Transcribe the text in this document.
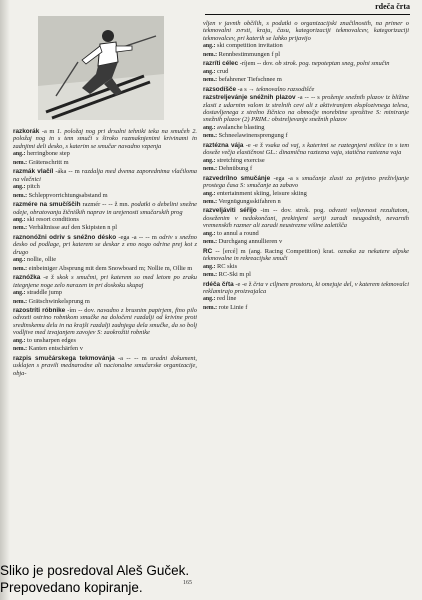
rdeča črta
razkorák -a m 1. položaj nog pri drsalni tehniki teka na smučeh 2. položaj nog in s tem smuči s široko razmaknjenimi krivinami in zadnjimi deli desko, s katerim se smučar navadno vzpenja
ang.: herringbone step
nem.: Grätenschritt m
razmák vlačíl -áka -- m razdalja med dvema zaporednima vlačiloma na vlečnici
ang.: pitch
nem.: Schleppvorrichtungsabstand m
razmére na smučíščih razmér -- -- ž mn. podatki o debelini snežne odeje, obratovanju žičniških naprav in urejenosti smučarskih prog
ang.: ski resort conditions
nem.: Verhältnisse auf den Skipisten n pl
raznonóžni odriv s snéžno désko -ega -a -- -- m odriv s snežno desko od podlage, pri katerem se deskar z eno nogo odrine prej kot z drugo
ang.: nollie, ollie
nem.: einbeiniger Absprung mit dem Snowboard m; Nollie m, Ollie m
raznóžka -e ž skok s smučmi, pri katerem so med letom po zraku iztegnjene noge zelo narazen in pri doskoku skupaj
ang.: straddle jump
nem.: Grätschwinkelsprung m
razostríti róbnike -ím -- dov. navadno z brusnim papirjem, fino pilo odvzeti ostrino robnikom smučke na določeni razdalji od krivine proti sredinskemu delu in na krajši razdalji zadnjega dela smučke, da so bolj vodljive med izvajanjem zavojev S: zaokrožiti robnike
ang.: to unsharpen edges
nem.: Kanten entschärfen v
razpis smučárskega tekmovánja -a -- -- m uradni dokument, usklajen s pravili mednarodne ali nacionalne smučarske organizacije, obja-
vljen v javnih občilih, s podatki o organizacijski značilnostih, na primer o tekmovalni zvrsti, kraju, času, kategorizaciji tekmovalcev, kategorizaciji tekmovalcev, pri katerih se lahko prijavijo
ang.: ski competition invitation
nem.: Rennbestimmungen f pl
razríti célec -ríjem -- dov. ob strok. pog. nepoteptan sneg, polni smučin
ang.: crud
nem.: befahrener Tiefschnee m
razsodíšče -a s → tekmovalno razsodišče
razstreljevánje snéžnih plazov -a -- -- s proženje snežnih plazov iz bližine zlasti z udarnim valom iz strelnih cevi ali z aktiviranjem eksplozivnega telesa, dostavljenega z strelno žičnico na območje morebitne sprožitve S: miniranje snežnih plazov (2) PRIM.: obstreljevanje snežnih plazov
ang.: avalanche blasting
nem.: Schneelawinensprengung f
raztézna vája -e -e ž vsaka od vaj, s katerimi se raztegnjeni mišice in s tem doseže večja elastičnost GL.: dinamična raztezna vaja, statična raztezna vaja
ang.: stretching exercise
nem.: Dehnübung f
razvedrílno smučánje -ega -a s smučanje zlasti za prijetno preživljanje prostega časa S: smučanje za zabavo
ang.: entertainment skiing, leisure skiing
nem.: Vergnügungsskifahren n
razveljáviti séřijo -im -- dov. strok. pog. odvzeti veljavnost rezultatom, doseženim v nedokončani, prekinjeni seriji zaradi neugodnih, nevarnih vremenskih razmer ali zaradi neustrezne višine zaletišča
ang.: to annul a round
nem.: Durchgang annullieren v
RC -- [ercé] m (ang. Racing Competition) krat. oznaka za nekatere alpske tekmovalne in rekreacijske smuči
ang.: RC skis
nem.: RC-Ski m pl
rdéča čŕta -e -e ž črta v ciljnem prostoru, ki omejuje del, v katerem tekmovalci reklamirajo proizvajalca
ang.: red line
nem.: rote Linie f
165
Sliko je posredoval Aleš Guček.
Prepovedano kopiranje.
